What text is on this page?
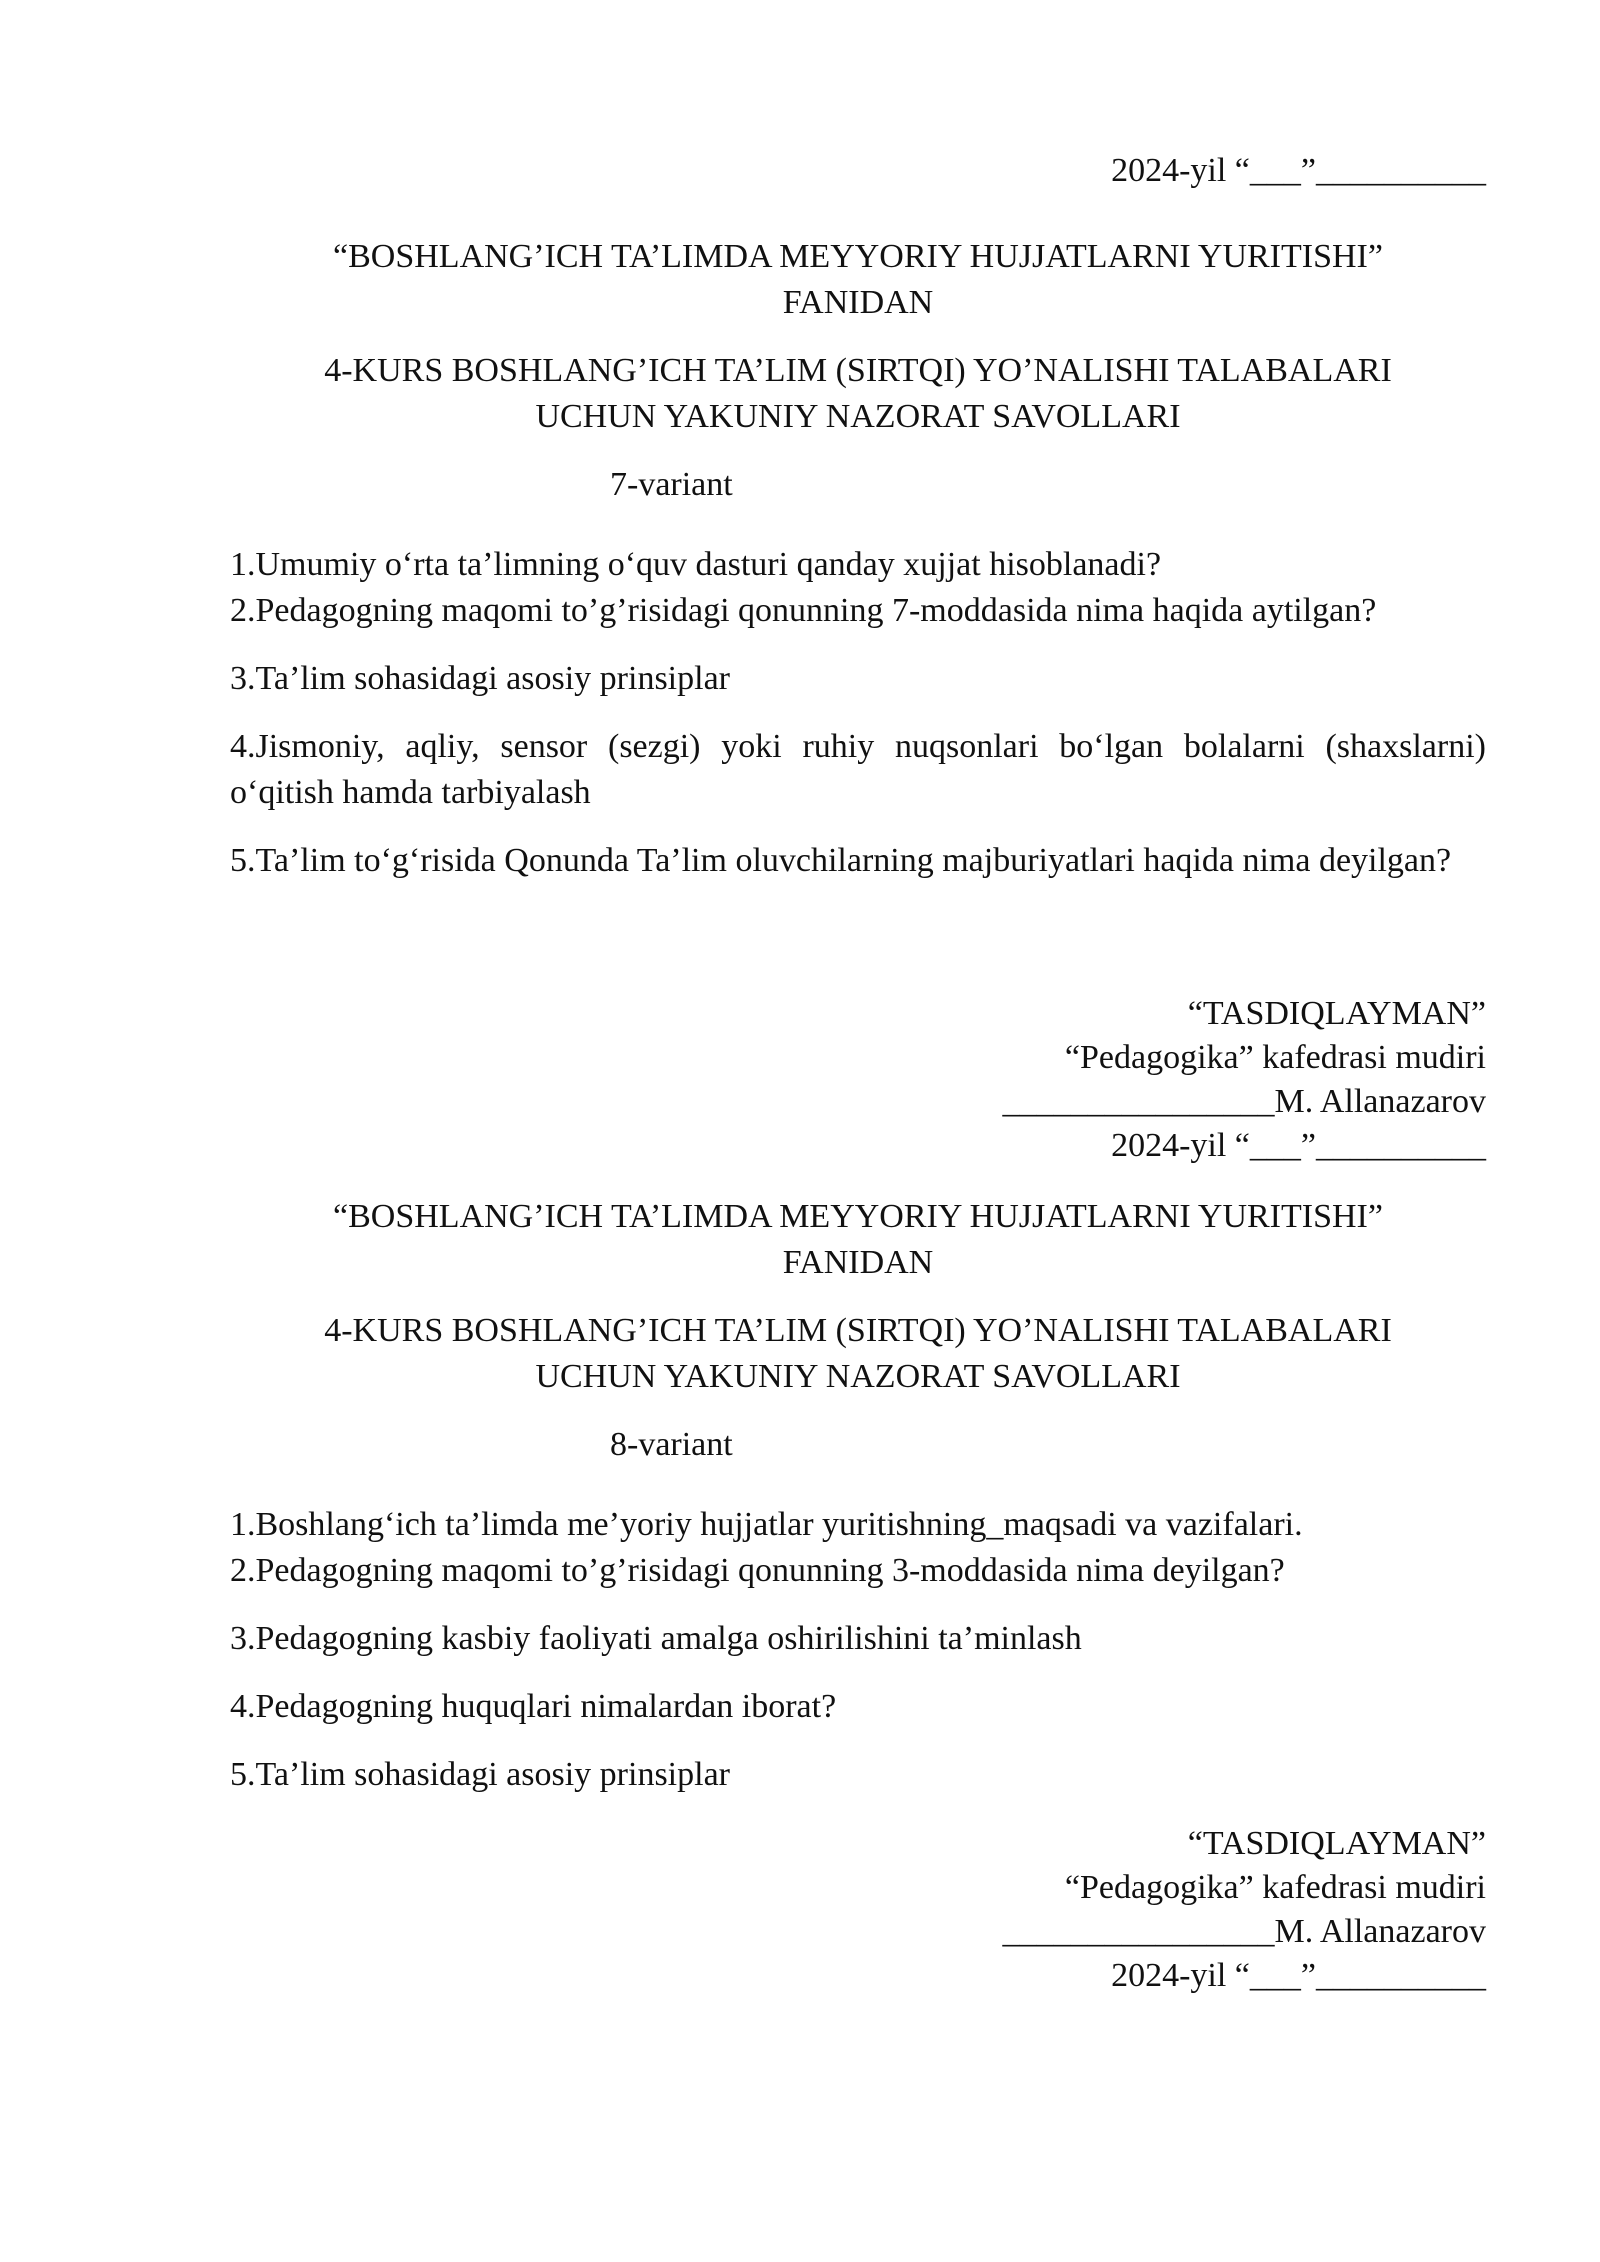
2024-yil “___”__________

“BOSHLANG’ICH TA’LIMDA MEYYORIY HUJJATLARNI YURITISHI”

FANIDAN

4-KURS BOSHLANG’ICH TA’LIM (SIRTQI) YO’NALISHI TALABALARI

UCHUN YAKUNIY NAZORAT SAVOLLARI

7-variant

1.Umumiy o‘rta ta’limning o‘quv dasturi qanday xujjat hisoblanadi?

2.Pedagogning maqomi to’g’risidagi qonunning 7-moddasida nima haqida aytilgan?

3.Ta’lim sohasidagi asosiy prinsiplar

4.Jismoniy, aqliy, sensor (sezgi) yoki ruhiy nuqsonlari bo‘lgan bolalarni (shaxslarni) o‘qitish hamda tarbiyalash

5.Ta’lim to‘g‘risida Qonunda Ta’lim oluvchilarning majburiyatlari haqida nima deyilgan?

“TASDIQLAYMAN”

“Pedagogika” kafedrasi mudiri

________________M. Allanazarov

2024-yil “___”__________

“BOSHLANG’ICH TA’LIMDA MEYYORIY HUJJATLARNI YURITISHI”

FANIDAN

4-KURS BOSHLANG’ICH TA’LIM (SIRTQI) YO’NALISHI TALABALARI

UCHUN YAKUNIY NAZORAT SAVOLLARI

8-variant

1.Boshlang‘ich ta’limda me’yoriy hujjatlar yuritishning_maqsadi va vazifalari.

2.Pedagogning maqomi to’g’risidagi qonunning 3-moddasida nima deyilgan?

3.Pedagogning kasbiy faoliyati amalga oshirilishini ta’minlash

4.Pedagogning huquqlari nimalardan iborat?

5.Ta’lim sohasidagi asosiy prinsiplar

“TASDIQLAYMAN”

“Pedagogika” kafedrasi mudiri

________________M. Allanazarov

2024-yil “___”__________
